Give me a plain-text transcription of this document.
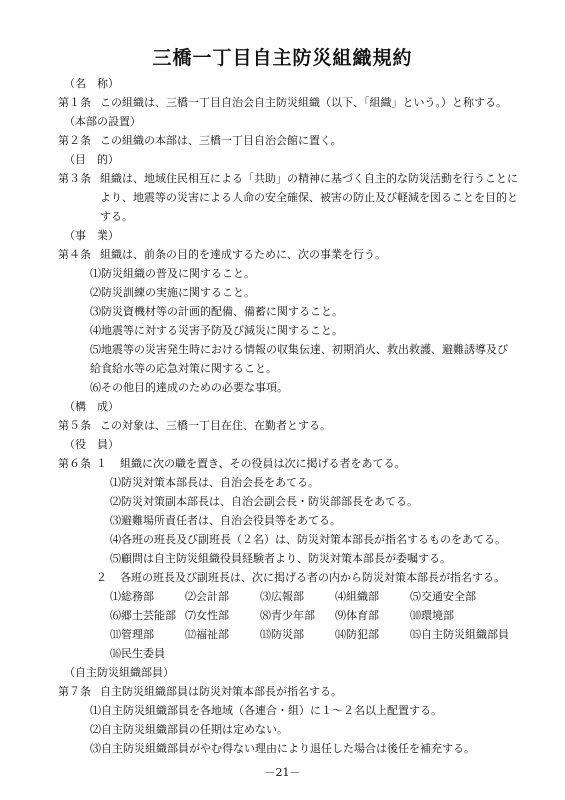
三橋一丁目自主防災組織規約
（名　称）
第１条 この組織は、三橋一丁目自治会自主防災組織（以下、「組織」という。）と称する。
（本部の設置）
第２条 この組織の本部は、三橋一丁目自治会館に置く。
（目　的）
第３条 組織は、地域住民相互による「共助」の精神に基づく自主的な防災活動を行うことにより、地震等の災害による人命の安全確保、被害の防止及び軽減を図ることを目的とする。
（事　業）
第４条 組織は、前条の目的を達成するために、次の事業を行う。
⑴防災組織の普及に関すること。
⑵防災訓練の実施に関すること。
⑶防災資機材等の計画的配備、備蓄に関すること。
⑷地震等に対する災害予防及び減災に関すること。
⑸地震等の災害発生時における情報の収集伝達、初期消火、救出救護、避難誘導及び給食給水等の応急対策に関すること。
⑹その他目的達成のための必要な事項。
（構　成）
第５条 この対象は、三橋一丁目在住、在勤者とする。
（役　員）
第６条 １	組織に次の職を置き、その役員は次に掲げる者をあてる。
⑴防災対策本部長は、自治会長をあてる。
⑵防災対策副本部長は、自治会副会長・防災部部長をあてる。
⑶避難場所責任者は、自治会役員等をあてる。
⑷各班の班長及び副班長（２名）は、防災対策本部長が指名するものをあてる。
⑸顧問は自主防災組織役員経験者より、防災対策本部長が委嘱する。
２	各班の班長及び副班長は、次に掲げる者の内から防災対策本部長が指名する。
⑴総務部	⑵会計部	⑶広報部	⑷組織部	⑸交通安全部
⑹郷土芸能部 ⑺女性部	⑻青少年部	⑼体育部	⑽環境部
⑾管理部	⑿福祉部	⒀防災部	⒁防犯部	⒂自主防災組織部員
⒃民生委員
（自主防災組織部員）
第７条 自主防災組織部員は防災対策本部長が指名する。
⑴自主防災組織部員を各地域（各連合・組）に１～２名以上配置する。
⑵自主防災組織部員の任期は定めない。
⑶自主防災組織部員がやむ得ない理由により退任した場合は後任を補充する。
－21－
